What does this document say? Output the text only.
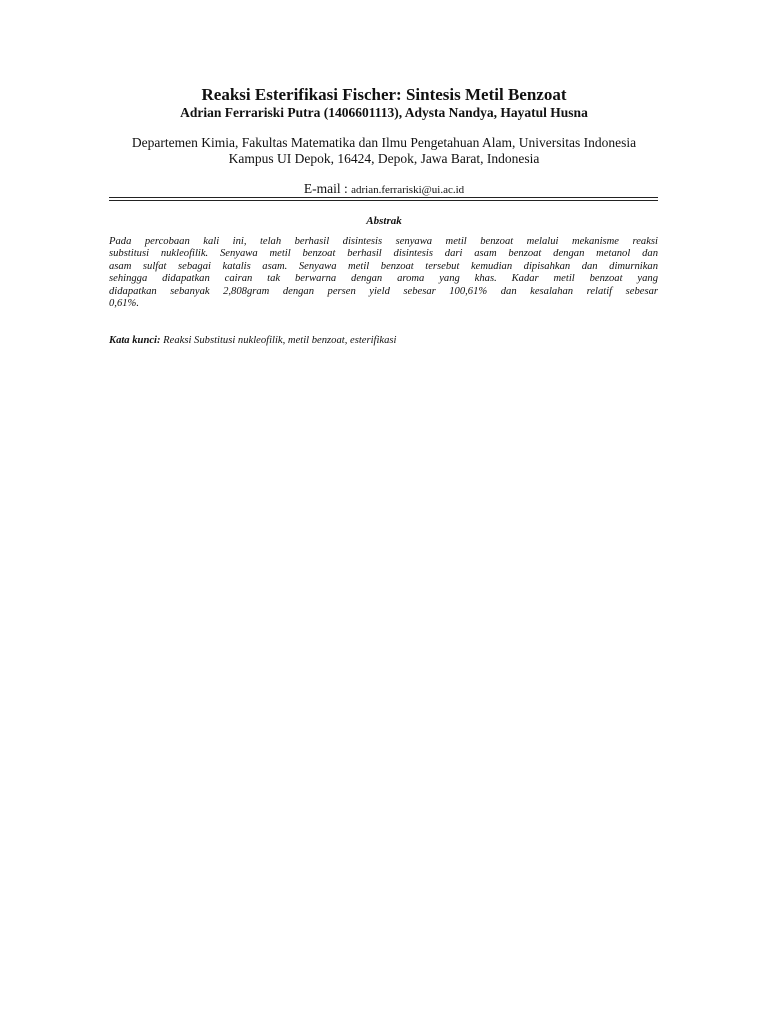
Reaksi Esterifikasi Fischer: Sintesis Metil Benzoat
Adrian Ferrariski Putra (1406601113), Adysta Nandya, Hayatul Husna
Departemen Kimia, Fakultas Matematika dan Ilmu Pengetahuan Alam, Universitas Indonesia
Kampus UI Depok, 16424, Depok, Jawa Barat, Indonesia
E-mail : adrian.ferrariski@ui.ac.id
Abstrak
Pada percobaan kali ini, telah berhasil disintesis senyawa metil benzoat melalui mekanisme reaksi
substitusi nukleofilik. Senyawa metil benzoat berhasil disintesis dari asam benzoat dengan metanol dan
asam sulfat sebagai katalis asam. Senyawa metil benzoat tersebut kemudian dipisahkan dan dimurnikan
sehingga didapatkan cairan tak berwarna dengan aroma yang khas. Kadar metil benzoat yang
didapatkan sebanyak 2,808gram dengan persen yield sebesar 100,61% dan kesalahan relatif sebesar
0,61%.
Kata kunci: Reaksi Substitusi nukleofilik, metil benzoat, esterifikasi
